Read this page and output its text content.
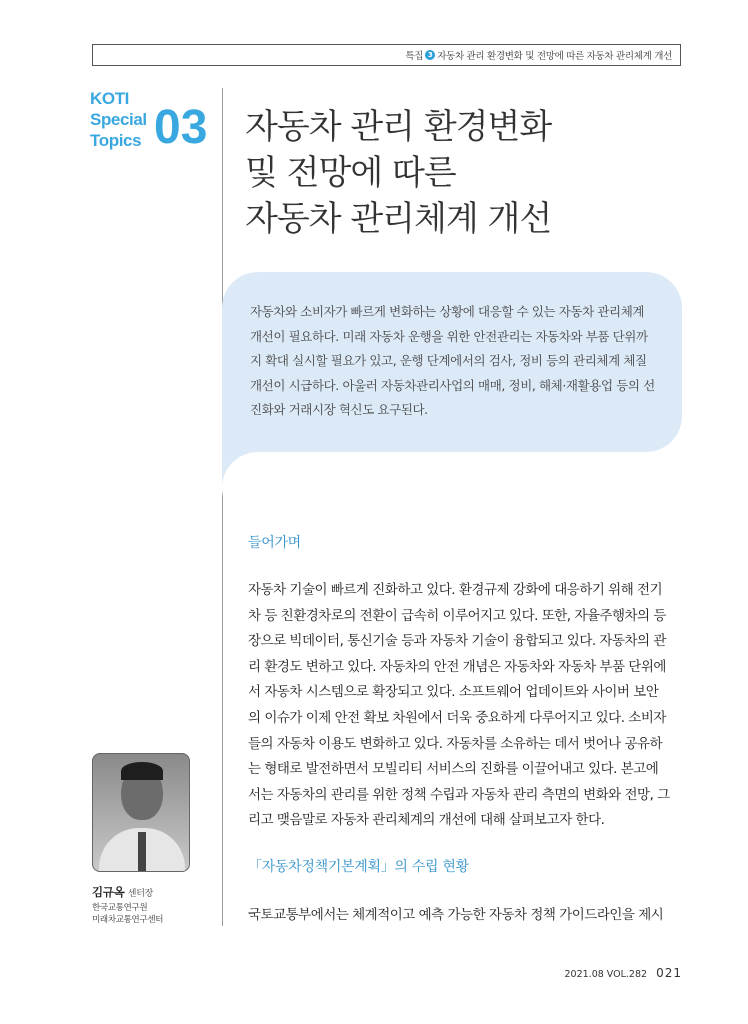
특집 3 자동차 관리 환경변화 및 전망에 따른 자동차 관리체계 개선
KOTI
Special
Topics 03 자동차 관리 환경변화
및 전망에 따른
자동차 관리체계 개선
자동차와 소비자가 빠르게 변화하는 상황에 대응할 수 있는 자동차 관리체계
개선이 필요하다. 미래 자동차 운행을 위한 안전관리는 자동차와 부품 단위까
지 확대 실시할 필요가 있고, 운행 단계에서의 검사, 정비 등의 관리체계 체질
개선이 시급하다. 아울러 자동차관리사업의 매매, 정비, 해체·재활용업 등의 선
진화와 거래시장 혁신도 요구된다.
들어가며
자동차 기술이 빠르게 진화하고 있다. 환경규제 강화에 대응하기 위해 전기
차 등 친환경차로의 전환이 급속히 이루어지고 있다. 또한, 자율주행차의 등
장으로 빅데이터, 통신기술 등과 자동차 기술이 융합되고 있다. 자동차의 관
리 환경도 변하고 있다. 자동차의 안전 개념은 자동차와 자동차 부품 단위에
서 자동차 시스템으로 확장되고 있다. 소프트웨어 업데이트와 사이버 보안
의 이슈가 이제 안전 확보 차원에서 더욱 중요하게 다루어지고 있다. 소비자
들의 자동차 이용도 변화하고 있다. 자동차를 소유하는 데서 벗어나 공유하
는 형태로 발전하면서 모빌리티 서비스의 진화를 이끌어내고 있다. 본고에
서는 자동차의 관리를 위한 정책 수립과 자동차 관리 측면의 변화와 전망, 그
리고 맺음말로 자동차 관리체계의 개선에 대해 살펴보고자 한다.
「자동차정책기본계획」의 수립 현황
국토교통부에서는 체계적이고 예측 가능한 자동차 정책 가이드라인을 제시
김규옥 센터장
한국교통연구원
미래차교통연구센터
2021.08 VOL.282 021
